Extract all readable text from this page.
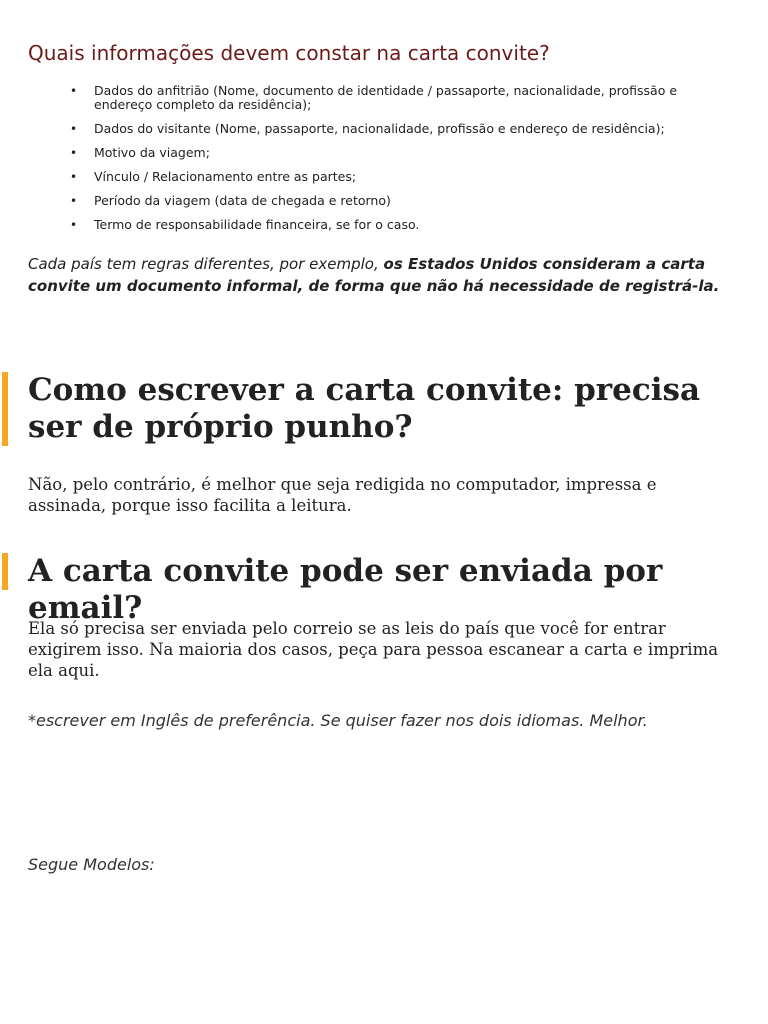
Quais informações devem constar na carta convite?
• Dados do anfitrião (Nome, documento de identidade / passaporte, nacionalidade, profissão e endereço completo da residência);
• Dados do visitante (Nome, passaporte, nacionalidade, profissão e endereço de residência);
• Motivo da viagem;
• Vínculo / Relacionamento entre as partes;
• Período da viagem (data de chegada e retorno)
• Termo de responsabilidade financeira, se for o caso.

Cada país tem regras diferentes, por exemplo, os Estados Unidos consideram a carta convite um documento informal, de forma que não há necessidade de registrá-la.

Como escrever a carta convite: precisa ser de próprio punho?

Não, pelo contrário, é melhor que seja redigida no computador, impressa e assinada, porque isso facilita a leitura.

A carta convite pode ser enviada por email?

Ela só precisa ser enviada pelo correio se as leis do país que você for entrar exigirem isso. Na maioria dos casos, peça para pessoa escanear a carta e imprima ela aqui.

*escrever em Inglês de preferência. Se quiser fazer nos dois idiomas. Melhor.

Segue Modelos:
